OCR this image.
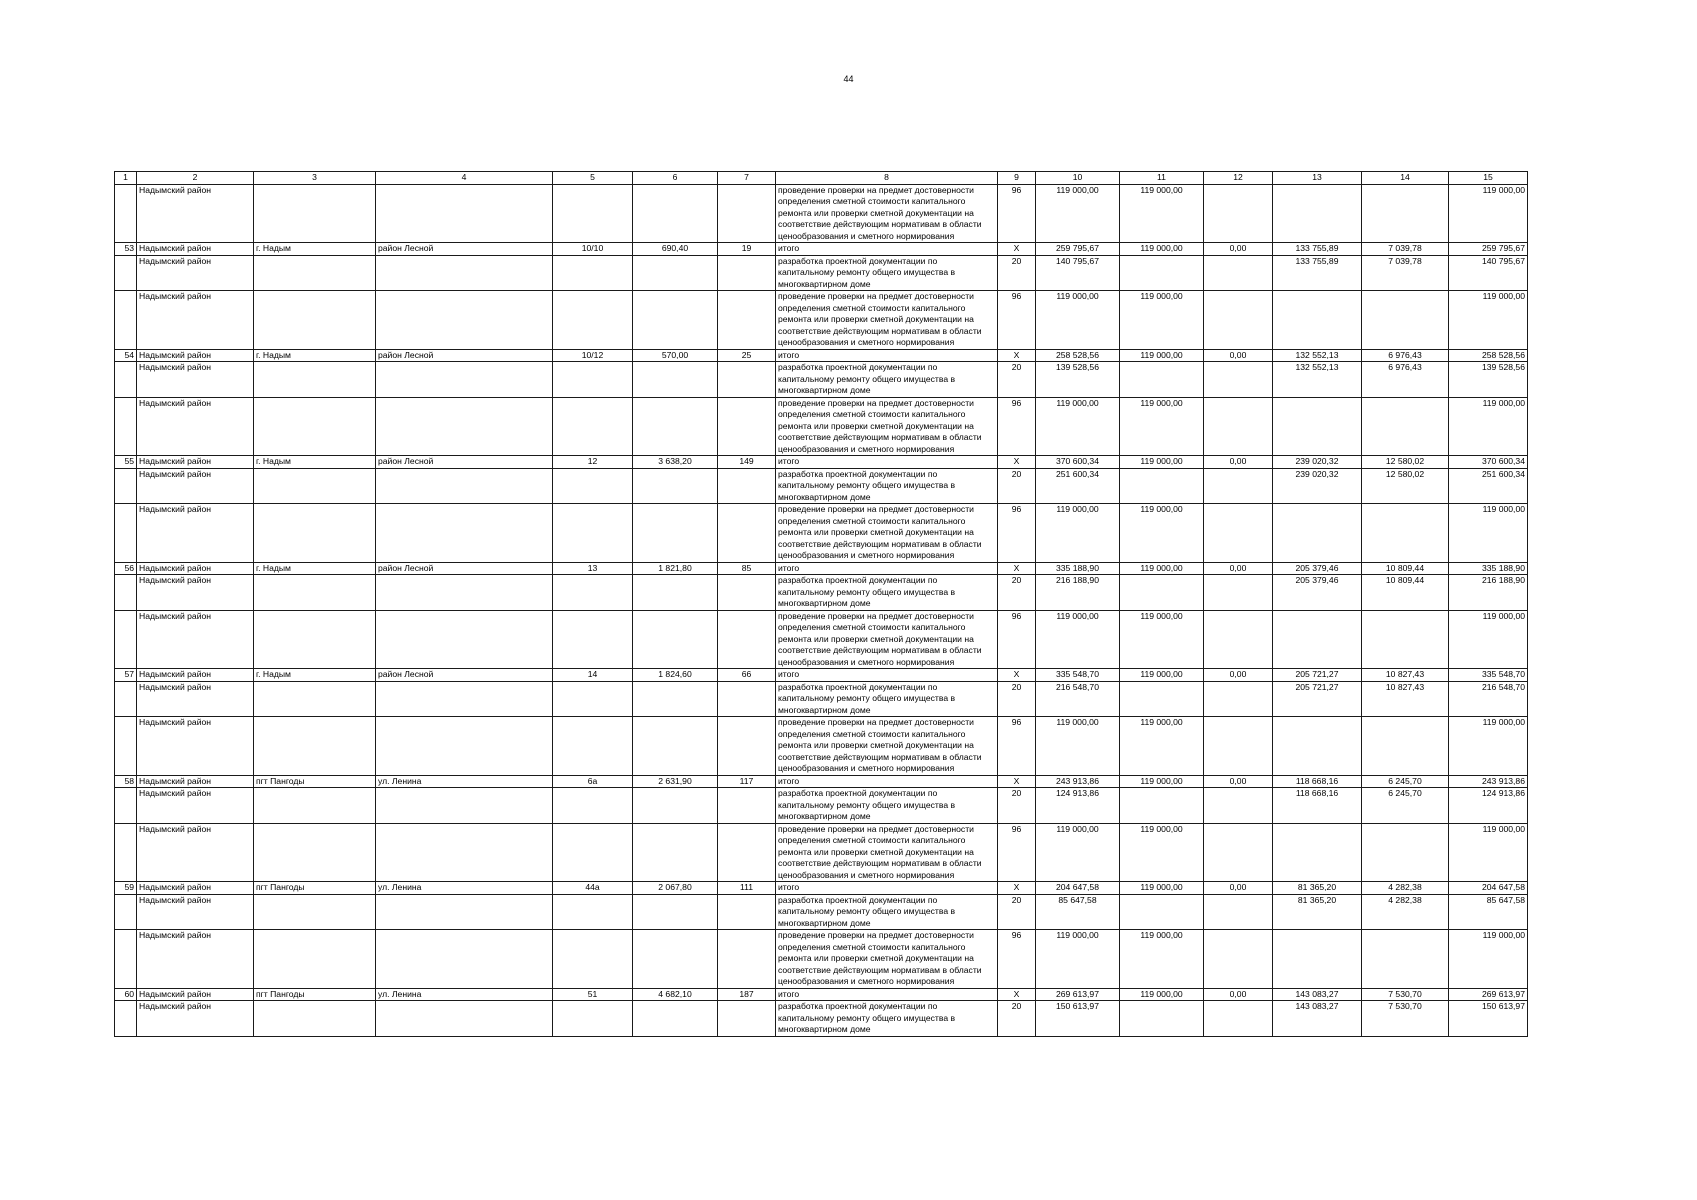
44
1	2	3	4	5	6	7	8	9	10	11	12	13	14	15
	Надымский район						проведение проверки на предмет достоверности определения сметной стоимости капитального ремонта или проверки сметной документации на соответствие действующим нормативам в области ценообразования и сметного нормирования	96	119 000,00	119 000,00				119 000,00
53	Надымский район	г. Надым	район Лесной	10/10	690,40	19	итого	X	259 795,67	119 000,00	0,00	133 755,89	7 039,78	259 795,67
	Надымский район						разработка проектной документации по капитальному ремонту общего имущества в многоквартирном доме	20	140 795,67			133 755,89	7 039,78	140 795,67
	Надымский район						проведение проверки на предмет достоверности определения сметной стоимости капитального ремонта или проверки сметной документации на соответствие действующим нормативам в области ценообразования и сметного нормирования	96	119 000,00	119 000,00				119 000,00
54	Надымский район	г. Надым	район Лесной	10/12	570,00	25	итого	X	258 528,56	119 000,00	0,00	132 552,13	6 976,43	258 528,56
	Надымский район						разработка проектной документации по капитальному ремонту общего имущества в многоквартирном доме	20	139 528,56			132 552,13	6 976,43	139 528,56
	Надымский район						проведение проверки на предмет достоверности определения сметной стоимости капитального ремонта или проверки сметной документации на соответствие действующим нормативам в области ценообразования и сметного нормирования	96	119 000,00	119 000,00				119 000,00
55	Надымский район	г. Надым	район Лесной	12	3 638,20	149	итого	X	370 600,34	119 000,00	0,00	239 020,32	12 580,02	370 600,34
	Надымский район						разработка проектной документации по капитальному ремонту общего имущества в многоквартирном доме	20	251 600,34			239 020,32	12 580,02	251 600,34
	Надымский район						проведение проверки на предмет достоверности определения сметной стоимости капитального ремонта или проверки сметной документации на соответствие действующим нормативам в области ценообразования и сметного нормирования	96	119 000,00	119 000,00				119 000,00
56	Надымский район	г. Надым	район Лесной	13	1 821,80	85	итого	X	335 188,90	119 000,00	0,00	205 379,46	10 809,44	335 188,90
	Надымский район						разработка проектной документации по капитальному ремонту общего имущества в многоквартирном доме	20	216 188,90			205 379,46	10 809,44	216 188,90
	Надымский район						проведение проверки на предмет достоверности определения сметной стоимости капитального ремонта или проверки сметной документации на соответствие действующим нормативам в области ценообразования и сметного нормирования	96	119 000,00	119 000,00				119 000,00
57	Надымский район	г. Надым	район Лесной	14	1 824,60	66	итого	X	335 548,70	119 000,00	0,00	205 721,27	10 827,43	335 548,70
	Надымский район						разработка проектной документации по капитальному ремонту общего имущества в многоквартирном доме	20	216 548,70			205 721,27	10 827,43	216 548,70
	Надымский район						проведение проверки на предмет достоверности определения сметной стоимости капитального ремонта или проверки сметной документации на соответствие действующим нормативам в области ценообразования и сметного нормирования	96	119 000,00	119 000,00				119 000,00
58	Надымский район	пгт Пангоды	ул. Ленина	6а	2 631,90	117	итого	X	243 913,86	119 000,00	0,00	118 668,16	6 245,70	243 913,86
	Надымский район						разработка проектной документации по капитальному ремонту общего имущества в многоквартирном доме	20	124 913,86			118 668,16	6 245,70	124 913,86
	Надымский район						проведение проверки на предмет достоверности определения сметной стоимости капитального ремонта или проверки сметной документации на соответствие действующим нормативам в области ценообразования и сметного нормирования	96	119 000,00	119 000,00				119 000,00
59	Надымский район	пгт Пангоды	ул. Ленина	44а	2 067,80	111	итого	X	204 647,58	119 000,00	0,00	81 365,20	4 282,38	204 647,58
	Надымский район						разработка проектной документации по капитальному ремонту общего имущества в многоквартирном доме	20	85 647,58			81 365,20	4 282,38	85 647,58
	Надымский район						проведение проверки на предмет достоверности определения сметной стоимости капитального ремонта или проверки сметной документации на соответствие действующим нормативам в области ценообразования и сметного нормирования	96	119 000,00	119 000,00				119 000,00
60	Надымский район	пгт Пангоды	ул. Ленина	51	4 682,10	187	итого	X	269 613,97	119 000,00	0,00	143 083,27	7 530,70	269 613,97
	Надымский район						разработка проектной документации по капитальному ремонту общего имущества в многоквартирном доме	20	150 613,97			143 083,27	7 530,70	150 613,97
